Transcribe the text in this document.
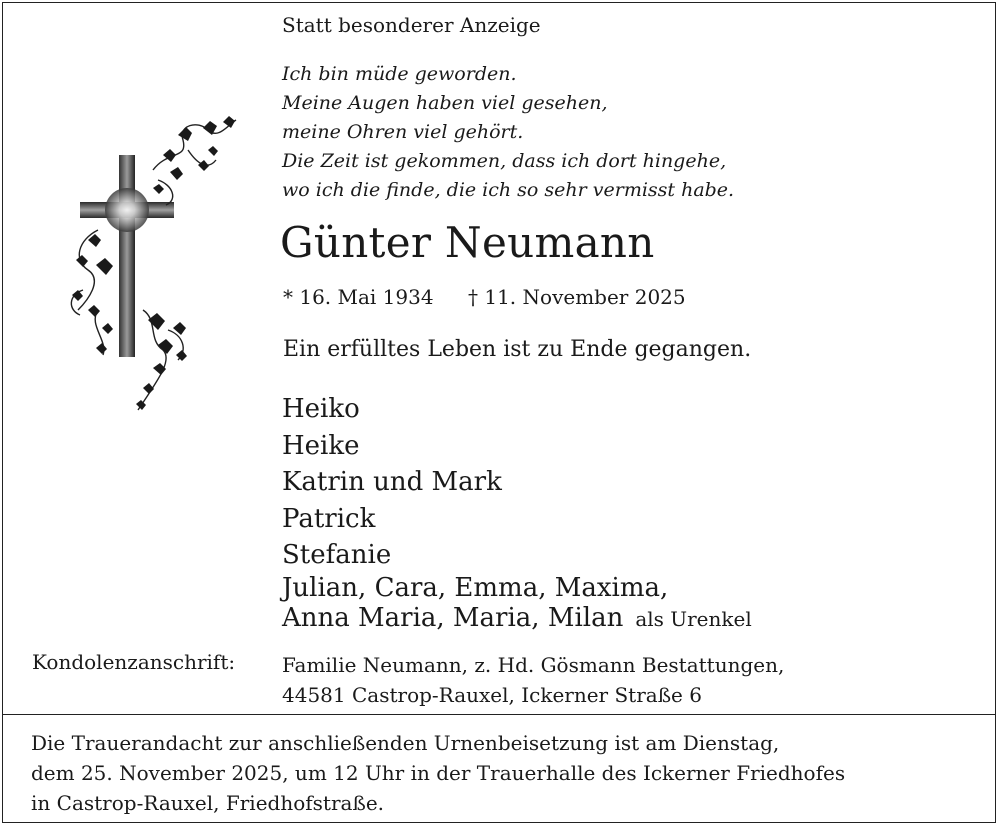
Statt besonderer Anzeige
Ich bin müde geworden.
Meine Augen haben viel gesehen,
meine Ohren viel gehört.
Die Zeit ist gekommen, dass ich dort hingehe,
wo ich die finde, die ich so sehr vermisst habe.
Günter Neumann
* 16. Mai 1934 † 11. November 2025
Ein erfülltes Leben ist zu Ende gegangen.
Heiko
Heike
Katrin und Mark
Patrick
Stefanie
Julian, Cara, Emma, Maxima,
Anna Maria, Maria, Milan als Urenkel
Kondolenzanschrift: Familie Neumann, z. Hd. Gösmann Bestattungen,
44581 Castrop-Rauxel, Ickerner Straße 6
Die Trauerandacht zur anschließenden Urnenbeisetzung ist am Dienstag,
dem 25. November 2025, um 12 Uhr in der Trauerhalle des Ickerner Friedhofes
in Castrop-Rauxel, Friedhofstraße.
